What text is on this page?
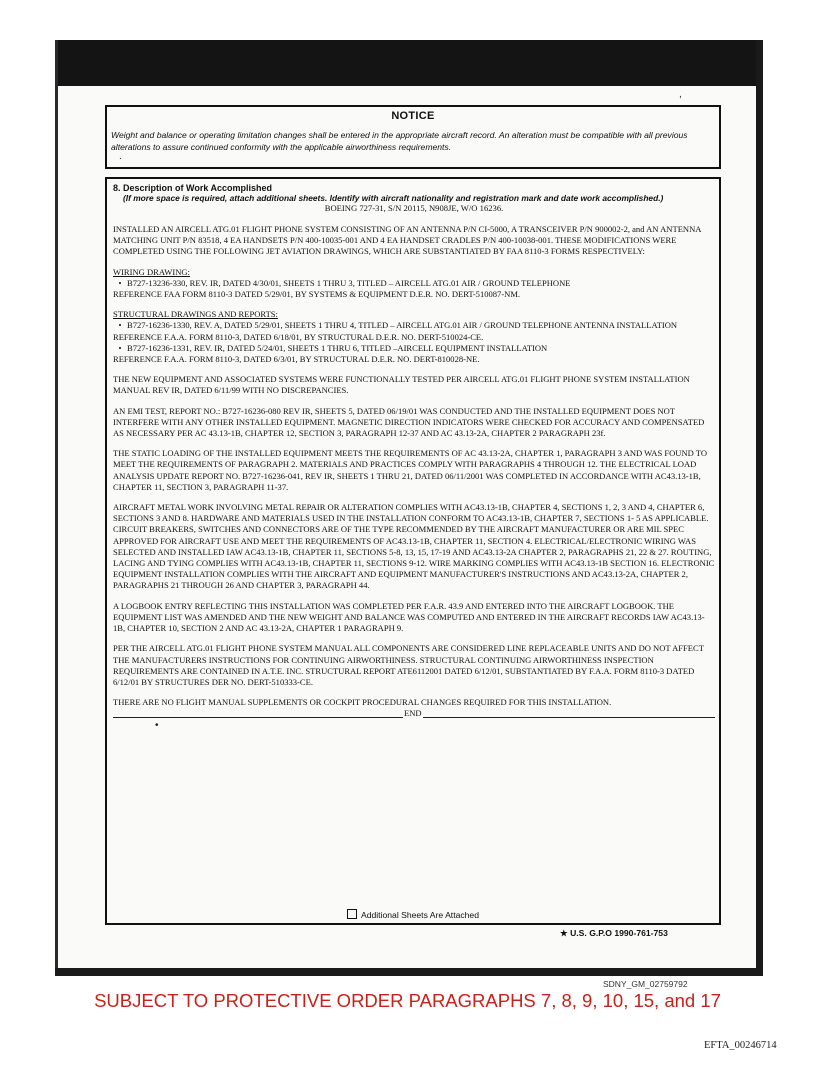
,
NOTICE
Weight and balance or operating limitation changes shall be entered in the appropriate aircraft record. An alteration must be compatible with all previous alterations to assure continued conformity with the applicable airworthiness requirements.
.
8. Description of Work Accomplished
(If more space is required, attach additional sheets. Identify with aircraft nationality and registration mark and date work accomplished.)
BOEING 727-31, S/N 20115, N908JE, W/O 16236.

INSTALLED AN AIRCELL ATG.01 FLIGHT PHONE SYSTEM CONSISTING OF AN ANTENNA P/N CI-5000, A TRANSCEIVER P/N 900002-2, and AN ANTENNA MATCHING UNIT P/N 83518, 4 EA HANDSETS P/N 400-10035-001 AND 4 EA HANDSET CRADLES P/N 400-10038-001. THESE MODIFICATIONS WERE COMPLETED USING THE FOLLOWING JET AVIATION DRAWINGS, WHICH ARE SUBSTANTIATED BY FAA 8110-3 FORMS RESPECTIVELY:

WIRING DRAWING:
• B727-13236-330, REV. IR, DATED 4/30/01, SHEETS 1 THRU 3, TITLED – AIRCELL ATG.01 AIR / GROUND TELEPHONE
REFERENCE FAA FORM 8110-3 DATED 5/29/01, BY SYSTEMS & EQUIPMENT D.E.R. NO. DERT-510087-NM.
STRUCTURAL DRAWINGS AND REPORTS:
• B727-16236-1330, REV. A, DATED 5/29/01, SHEETS 1 THRU 4, TITLED – AIRCELL ATG.01 AIR / GROUND TELEPHONE ANTENNA INSTALLATION
REFERENCE F.A.A. FORM 8110-3, DATED 6/18/01, BY STRUCTURAL D.E.R. NO. DERT-510024-CE.
• B727-16236-1331, REV. IR, DATED 5/24/01, SHEETS 1 THRU 6, TITLED –AIRCELL EQUIPMENT INSTALLATION
REFERENCE F.A.A. FORM 8110-3, DATED 6/3/01, BY STRUCTURAL D.E.R. NO. DERT-810028-NE.

THE NEW EQUIPMENT AND ASSOCIATED SYSTEMS WERE FUNCTIONALLY TESTED PER AIRCELL ATG.01 FLIGHT PHONE SYSTEM INSTALLATION MANUAL REV IR, DATED 6/11/99 WITH NO DISCREPANCIES.

AN EMI TEST, REPORT NO.: B727-16236-080 REV IR, SHEETS 5, DATED 06/19/01 WAS CONDUCTED AND THE INSTALLED EQUIPMENT DOES NOT INTERFERE WITH ANY OTHER INSTALLED EQUIPMENT. MAGNETIC DIRECTION INDICATORS WERE CHECKED FOR ACCURACY AND COMPENSATED AS NECESSARY PER AC 43.13-1B, CHAPTER 12, SECTION 3, PARAGRAPH 12-37 AND AC 43.13-2A, CHAPTER 2 PARAGRAPH 23f.

THE STATIC LOADING OF THE INSTALLED EQUIPMENT MEETS THE REQUIREMENTS OF AC 43.13-2A, CHAPTER 1, PARAGRAPH 3 AND WAS FOUND TO MEET THE REQUIREMENTS OF PARAGRAPH 2. MATERIALS AND PRACTICES COMPLY WITH PARAGRAPHS 4 THROUGH 12. THE ELECTRICAL LOAD ANALYSIS UPDATE REPORT NO. B727-16236-041, REV IR, SHEETS 1 THRU 21, DATED 06/11/2001 WAS COMPLETED IN ACCORDANCE WITH AC43.13-1B, CHAPTER 11, SECTION 3, PARAGRAPH 11-37.

AIRCRAFT METAL WORK INVOLVING METAL REPAIR OR ALTERATION COMPLIES WITH AC43.13-1B, CHAPTER 4, SECTIONS 1, 2, 3 AND 4, CHAPTER 6, SECTIONS 3 AND 8. HARDWARE AND MATERIALS USED IN THE INSTALLATION CONFORM TO AC43.13-1B, CHAPTER 7, SECTIONS 1- 5 AS APPLICABLE. CIRCUIT BREAKERS, SWITCHES AND CONNECTORS ARE OF THE TYPE RECOMMENDED BY THE AIRCRAFT MANUFACTURER OR ARE MIL SPEC APPROVED FOR AIRCRAFT USE AND MEET THE REQUIREMENTS OF AC43.13-1B, CHAPTER 11, SECTION 4. ELECTRICAL/ELECTRONIC WIRING WAS SELECTED AND INSTALLED IAW AC43.13-1B, CHAPTER 11, SECTIONS 5-8, 13, 15, 17-19 AND AC43.13-2A CHAPTER 2, PARAGRAPHS 21, 22 & 27. ROUTING, LACING AND TYING COMPLIES WITH AC43.13-1B, CHAPTER 11, SECTIONS 9-12. WIRE MARKING COMPLIES WITH AC43.13-1B SECTION 16. ELECTRONIC EQUIPMENT INSTALLATION COMPLIES WITH THE AIRCRAFT AND EQUIPMENT MANUFACTURER'S INSTRUCTIONS AND AC43.13-2A, CHAPTER 2, PARAGRAPHS 21 THROUGH 26 AND CHAPTER 3, PARAGRAPH 44.

A LOGBOOK ENTRY REFLECTING THIS INSTALLATION WAS COMPLETED PER F.A.R. 43.9 AND ENTERED INTO THE AIRCRAFT LOGBOOK. THE EQUIPMENT LIST WAS AMENDED AND THE NEW WEIGHT AND BALANCE WAS COMPUTED AND ENTERED IN THE AIRCRAFT RECORDS IAW AC43.13-1B, CHAPTER 10, SECTION 2 AND AC 43.13-2A, CHAPTER 1 PARAGRAPH 9.

PER THE AIRCELL ATG.01 FLIGHT PHONE SYSTEM MANUAL ALL COMPONENTS ARE CONSIDERED LINE REPLACEABLE UNITS AND DO NOT AFFECT THE MANUFACTURERS INSTRUCTIONS FOR CONTINUING AIRWORTHINESS. STRUCTURAL CONTINUING AIRWORTHINESS INSPECTION REQUIREMENTS ARE CONTAINED IN A.T.E. INC. STRUCTURAL REPORT ATE6112001 DATED 6/12/01, SUBSTANTIATED BY F.A.A. FORM 8110-3 DATED 6/12/01 BY STRUCTURES DER NO. DERT-510333-CE.

THERE ARE NO FLIGHT MANUAL SUPPLEMENTS OR COCKPIT PROCEDURAL CHANGES REQUIRED FOR THIS INSTALLATION.

END
•
Additional Sheets Are Attached
★ U.S. G.P.O 1990-761-753
SDNY_GM_02759792
SUBJECT TO PROTECTIVE ORDER PARAGRAPHS 7, 8, 9, 10, 15, and 17
EFTA_00246714
